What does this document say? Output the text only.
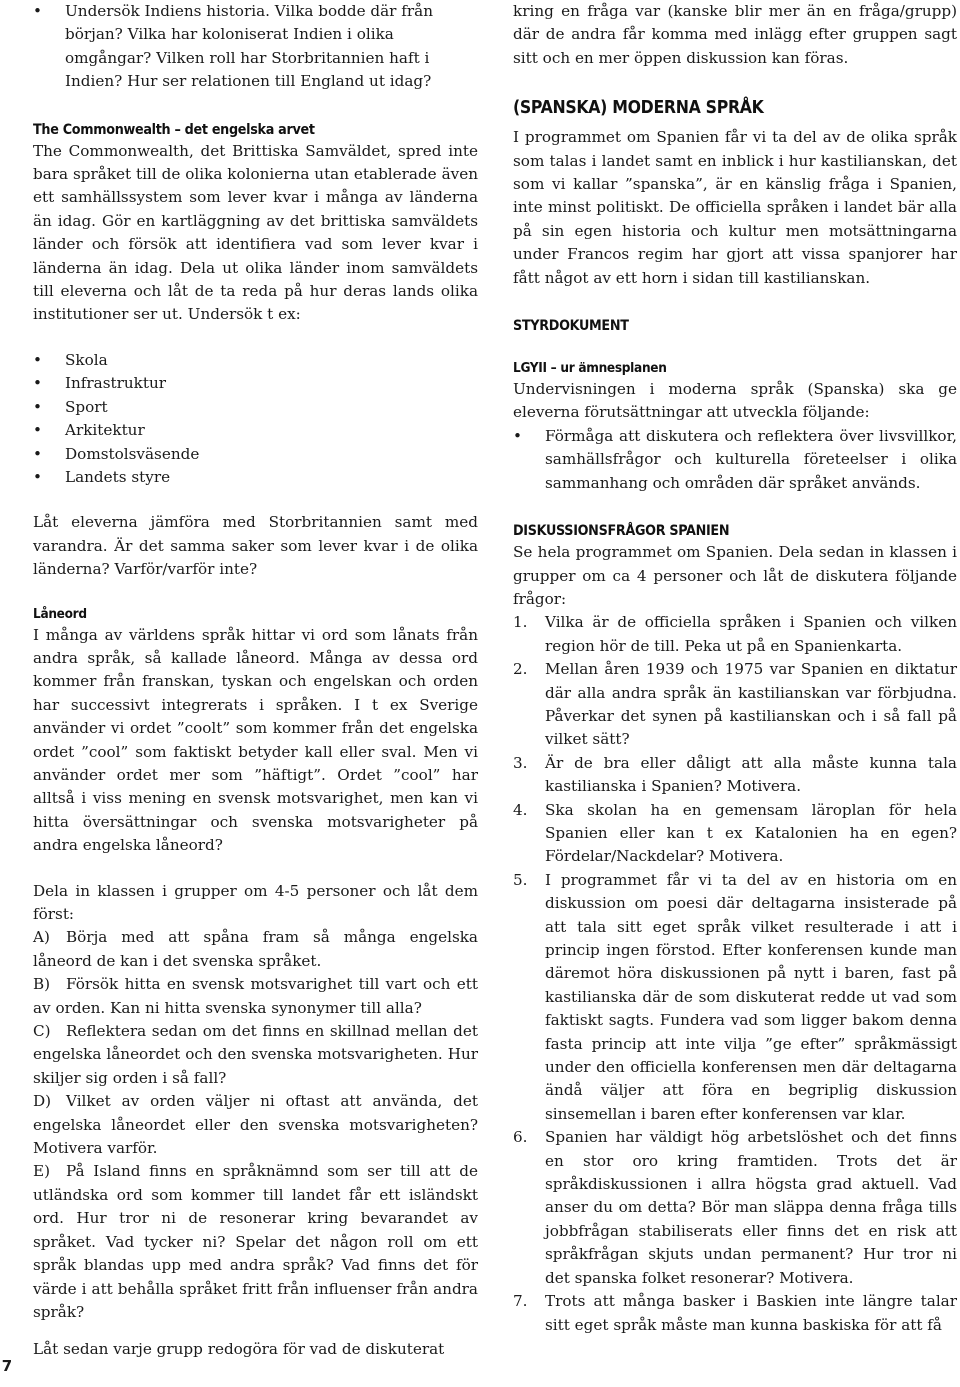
• Undersök Indiens historia. Vilka bodde där från början? Vilka har koloniserat Indien i olika omgångar? Vilken roll har Storbritannien haft i Indien? Hur ser relationen till England ut idag?
The Commonwealth – det engelska arvet

The Commonwealth, det Brittiska Samväldet, spred inte bara språket till de olika kolonierna utan etablerade även ett samhällssystem som lever kvar i många av länderna än idag. Gör en kartläggning av det brittiska samväldets länder och försök att identifiera vad som lever kvar i länderna än idag. Dela ut olika länder inom samväldets till eleverna och låt de ta reda på hur deras lands olika institutioner ser ut. Undersök t ex:

• Skola
• Infrastruktur
• Sport
• Arkitektur
• Domstolsväsende
• Landets styre

Låt eleverna jämföra med Storbritannien samt med varandra. Är det samma saker som lever kvar i de olika länderna? Varför/varför inte?

Låneord

I många av världens språk hittar vi ord som lånats från andra språk, så kallade låneord. Många av dessa ord kommer från franskan, tyskan och engelskan och orden har successivt integrerats i språken. I t ex Sverige använder vi ordet ”coolt” som kommer från det engelska ordet ”cool” som faktiskt betyder kall eller sval. Men vi använder ordet mer som ”häftigt”. Ordet ”cool” har alltså i viss mening en svensk motsvarighet, men kan vi hitta översättningar och svenska motsvarigheter på andra engelska låneord?

Dela in klassen i grupper om 4-5 personer och låt dem först:

A) Börja med att spåna fram så många engelska låneord de kan i det svenska språket.

B) Försök hitta en svensk motsvarighet till vart och ett av orden. Kan ni hitta svenska synonymer till alla?

C) Reflektera sedan om det finns en skillnad mellan det engelska låneordet och den svenska motsvarigheten. Hur skiljer sig orden i så fall?

D) Vilket av orden väljer ni oftast att använda, det engelska låneordet eller den svenska motsvarigheten? Motivera varför.

E) På Island finns en språknämnd som ser till att de utländska ord som kommer till landet får ett isländskt ord. Hur tror ni de resonerar kring bevarandet av språket. Vad tycker ni? Spelar det någon roll om ett språk blandas upp med andra språk? Vad finns det för värde i att behålla språket fritt från influenser från andra språk?

Låt sedan varje grupp redogöra för vad de diskuterat

kring en fråga var (kanske blir mer än en fråga/grupp) där de andra får komma med inlägg efter gruppen sagt sitt och en mer öppen diskussion kan föras.

(SPANSKA) MODERNA SPRÅK

I programmet om Spanien får vi ta del av de olika språk som talas i landet samt en inblick i hur kastilianskan, det som vi kallar ”spanska”, är en känslig fråga i Spanien, inte minst politiskt. De officiella språken i landet bär alla på sin egen historia och kultur men motsättningarna under Francos regim har gjort att vissa spanjorer har fått något av ett horn i sidan till kastilianskan.

STYRDOKUMENT
LGYII – ur ämnesplanen

Undervisningen i moderna språk (Spanska) ska ge eleverna förutsättningar att utveckla följande:

• Förmåga att diskutera och reflektera över livsvillkor, samhällsfrågor och kulturella företeelser i olika sammanhang och områden där språket används.
DISKUSSIONSFRÅGOR SPANIEN

Se hela programmet om Spanien. Dela sedan in klassen i grupper om ca 4 personer och låt de diskutera följande frågor:

1. Vilka är de officiella språken i Spanien och vilken region hör de till. Peka ut på en Spanienkarta.
2. Mellan åren 1939 och 1975 var Spanien en diktatur där alla andra språk än kastilianskan var förbjudna. Påverkar det synen på kastilianskan och i så fall på vilket sätt?
3. Är de bra eller dåligt att alla måste kunna tala kastilianska i Spanien? Motivera.
4. Ska skolan ha en gemensam läroplan för hela Spanien eller kan t ex Katalonien ha en egen? Fördelar/Nackdelar? Motivera.
5. I programmet får vi ta del av en historia om en diskussion om poesi där deltagarna insisterade på att tala sitt eget språk vilket resulterade i att i princip ingen förstod. Efter konferensen kunde man däremot höra diskussionen på nytt i baren, fast på kastilianska där de som diskuterat redde ut vad som faktiskt sagts. Fundera vad som ligger bakom denna fasta princip att inte vilja ”ge efter” språkmässigt under den officiella konferensen men där deltagarna ändå väljer att föra en begriplig diskussion sinsemellan i baren efter konferensen var klar.
6. Spanien har väldigt hög arbetslöshet och det finns en stor oro kring framtiden. Trots det är språkdiskussionen i allra högsta grad aktuell. Vad anser du om detta? Bör man släppa denna fråga tills jobbfrågan stabiliserats eller finns det en risk att språkfrågan skjuts undan permanent? Hur tror ni det spanska folket resonerar? Motivera.
7. Trots att många basker i Baskien inte längre talar sitt eget språk måste man kunna baskiska för att få
7
